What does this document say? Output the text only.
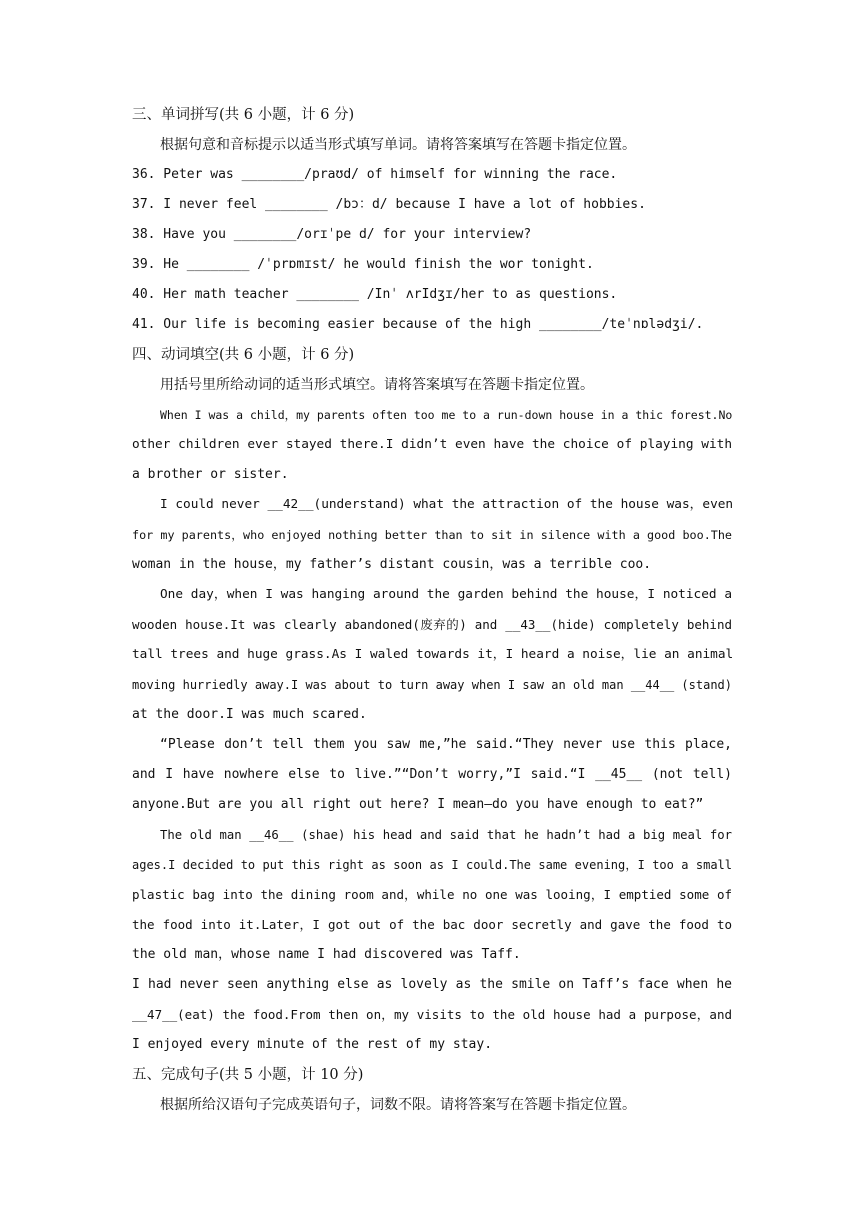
三、单词拼写(共 6 小题，计 6 分)
根据句意和音标提示以适当形式填写单词。请将答案填写在答题卡指定位置。
36. Peter was ________/praʊd/ of himself for winning the race.
37. I never feel ________ /bɔ：d/ because I have a lot of hobbies.
38. Have you ________/orɪˈpe d/ for your interview?
39. He ________ /ˈprɒmɪst/ he would finish the wor tonight.
40. Her math teacher ________ /Inˈ ʌrIdʒɪ/her to as questions.
41. Our life is becoming easier because of the high ________/teˈnɒlədʒi/.
四、动词填空(共 6 小题，计 6 分)
用括号里所给动词的适当形式填空。请将答案填写在答题卡指定位置。
When I was a child，my parents often too me to a run-down house in a thic forest.No
other children ever stayed there.I didn’t even have the choice of playing with
a brother or sister.
I could never __42__(understand) what the attraction of the house was，even
for my parents，who enjoyed nothing better than to sit in silence with a good boo.The
woman in the house，my father’s distant cousin，was a terrible coo.
One day，when I was hanging around the garden behind the house，I noticed a
wooden house.It was clearly abandoned(废弃的) and __43__(hide) completely behind
tall trees and huge grass.As I waled towards it，I heard a noise，lie an animal
moving hurriedly away.I was about to turn away when I saw an old man __44__ (stand)
at the door.I was much scared.
“Please don’t tell them you saw me,”he said.“They never use this place,
and I have nowhere else to live.”“Don’t worry,”I said.“I __45__ (not tell)
anyone.But are you all right out here? I mean—do you have enough to eat?”
The old man __46__ (shae) his head and said that he hadn’t had a big meal for
ages.I decided to put this right as soon as I could.The same evening，I too a small
plastic bag into the dining room and，while no one was looing，I emptied some of
the food into it.Later，I got out of the bac door secretly and gave the food to
the old man，whose name I had discovered was Taff.
I had never seen anything else as lovely as the smile on Taff’s face when he
__47__(eat) the food.From then on，my visits to the old house had a purpose，and
I enjoyed every minute of the rest of my stay.
五、完成句子(共 5 小题，计 10 分)
根据所给汉语句子完成英语句子，词数不限。请将答案写在答题卡指定位置。
